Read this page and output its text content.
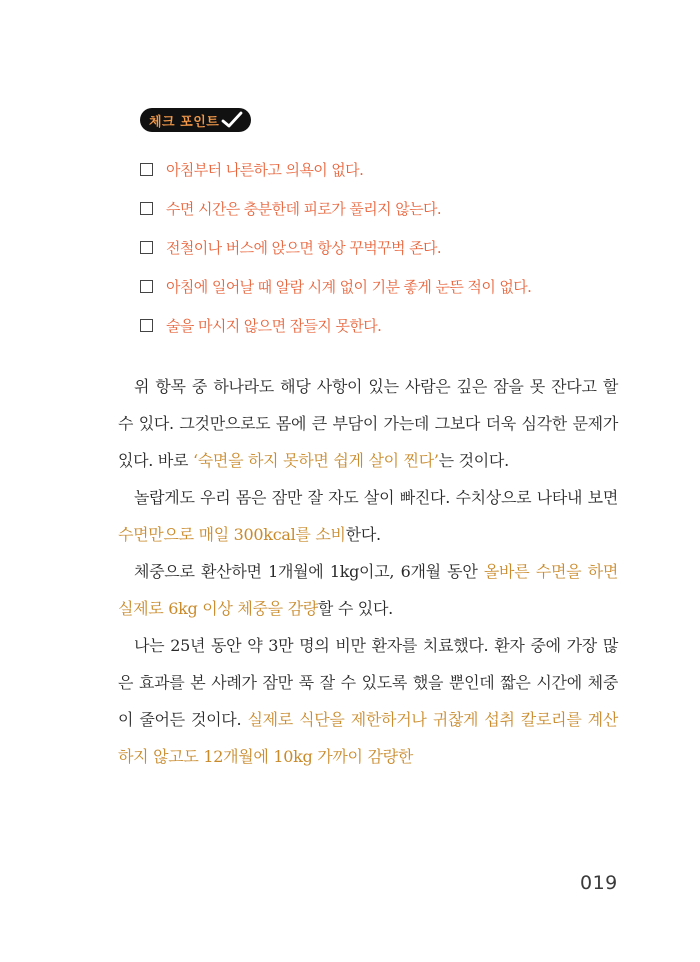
체크 포인트
아침부터 나른하고 의욕이 없다.
수면 시간은 충분한데 피로가 풀리지 않는다.
전철이나 버스에 앉으면 항상 꾸벅꾸벅 존다.
아침에 일어날 때 알람 시계 없이 기분 좋게 눈뜬 적이 없다.
술을 마시지 않으면 잠들지 못한다.

위 항목 중 하나라도 해당 사항이 있는 사람은 깊은 잠을 못 잔다고 할 수 있다. 그것만으로도 몸에 큰 부담이 가는데 그보다 더욱 심각한 문제가 있다. 바로 ‘숙면을 하지 못하면 쉽게 살이 찐다’는 것이다.

놀랍게도 우리 몸은 잠만 잘 자도 살이 빠진다. 수치상으로 나타내 보면 수면만으로 매일 300kcal를 소비한다.

체중으로 환산하면 1개월에 1kg이고, 6개월 동안 올바른 수면을 하면 실제로 6kg 이상 체중을 감량할 수 있다.

나는 25년 동안 약 3만 명의 비만 환자를 치료했다. 환자 중에 가장 많은 효과를 본 사례가 잠만 푹 잘 수 있도록 했을 뿐인데 짧은 시간에 체중이 줄어든 것이다. 실제로 식단을 제한하거나 귀찮게 섭취 칼로리를 계산하지 않고도 12개월에 10kg 가까이 감량한

019
